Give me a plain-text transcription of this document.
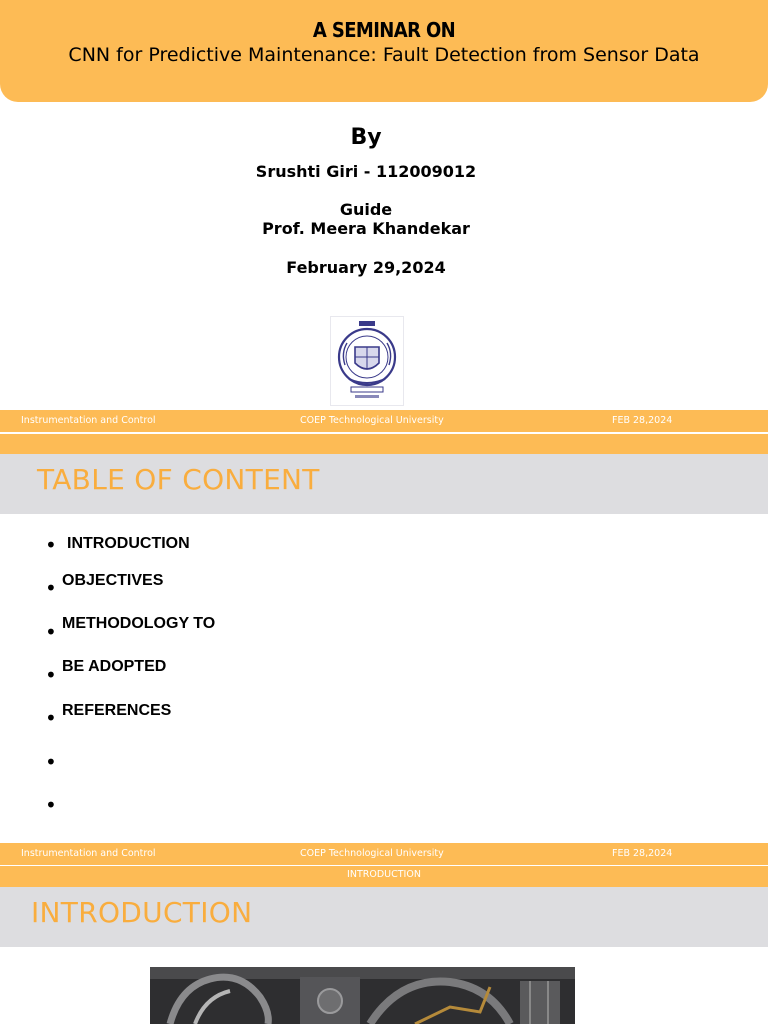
A SEMINAR ON
CNN for Predictive Maintenance: Fault Detection from Sensor Data
By
Srushti Giri - 112009012
Guide
Prof. Meera Khandekar
February 29,2024
Instrumentation and Control	COEP Technological University	FEB 28,2024
TABLE OF CONTENT
• INTRODUCTION
• OBJECTIVES
• METHODOLOGY TO
• BE ADOPTED
• REFERENCES
•
•
Instrumentation and Control	COEP Technological University	FEB 28,2024
INTRODUCTION
INTRODUCTION
